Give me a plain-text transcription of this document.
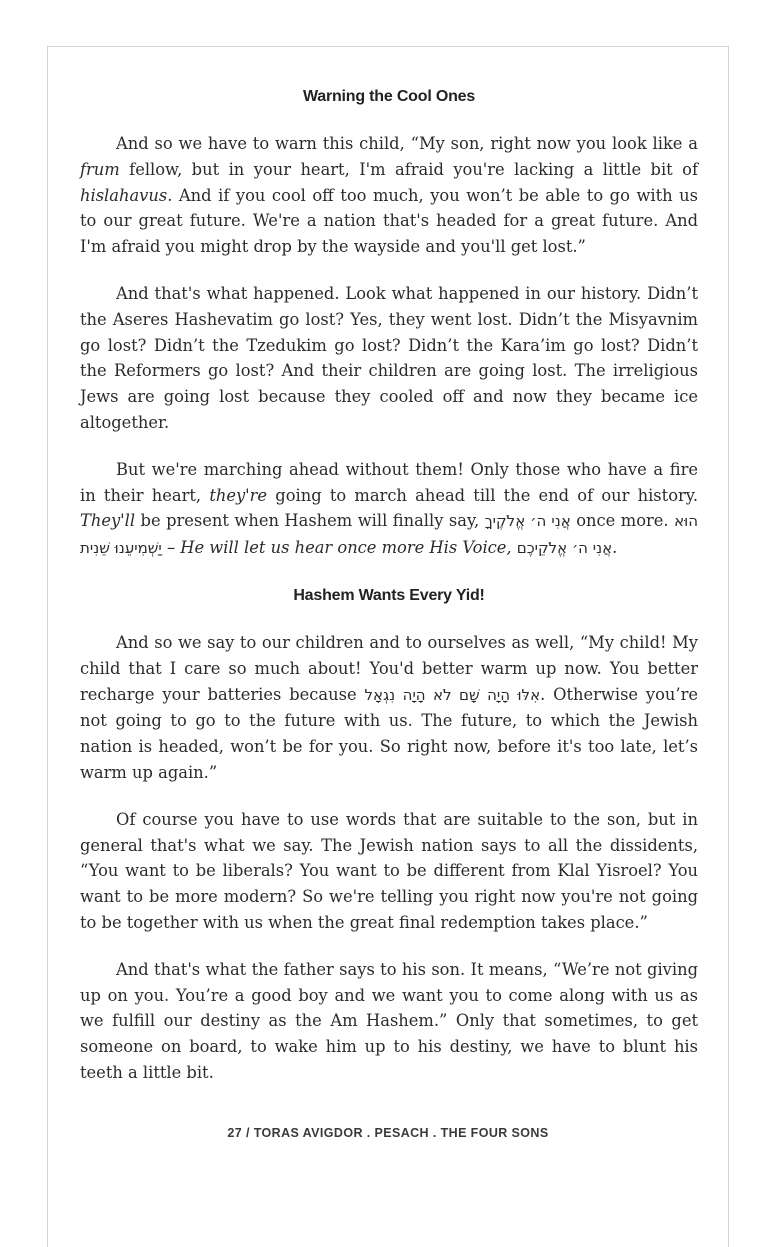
Warning the Cool Ones

And so we have to warn this child, “My son, right now you look like a frum fellow, but in your heart, I'm afraid you're lacking a little bit of hislahavus. And if you cool off too much, you won’t be able to go with us to our great future. We're a nation that's headed for a great future. And I'm afraid you might drop by the wayside and you'll get lost.”

And that's what happened. Look what happened in our history. Didn’t the Aseres Hashevatim go lost? Yes, they went lost. Didn’t the Misyavnim go lost? Didn’t the Tzedukim go lost? Didn’t the Kara’im go lost? Didn’t the Reformers go lost? And their children are going lost. The irreligious Jews are going lost because they cooled off and now they became ice altogether.

But we're marching ahead without them! Only those who have a fire in their heart, they're going to march ahead till the end of our history. They'll be present when Hashem will finally say, אֲנִי ה׳ אֱלֹקֶיךָ once more. הוּא יַשְׁמִיעֵנוּ שֵׁנִית – He will let us hear once more His Voice, אֲנִי ה׳ אֱלֹקֵיכֶם.

Hashem Wants Every Yid!

And so we say to our children and to ourselves as well, “My child! My child that I care so much about! You'd better warm up now. You better recharge your batteries because אִלּוּ הָיָה שָׁם לֹא הָיָה נִגְאָל. Otherwise you’re not going to go to the future with us. The future, to which the Jewish nation is headed, won’t be for you. So right now, before it's too late, let’s warm up again.”

Of course you have to use words that are suitable to the son, but in general that's what we say. The Jewish nation says to all the dissidents, “You want to be liberals? You want to be different from Klal Yisroel? You want to be more modern? So we're telling you right now you're not going to be together with us when the great final redemption takes place.”

And that's what the father says to his son. It means, “We’re not giving up on you. You’re a good boy and we want you to come along with us as we fulfill our destiny as the Am Hashem.” Only that sometimes, to get someone on board, to wake him up to his destiny, we have to blunt his teeth a little bit.

27 / TORAS AVIGDOR . PESACH . THE FOUR SONS
